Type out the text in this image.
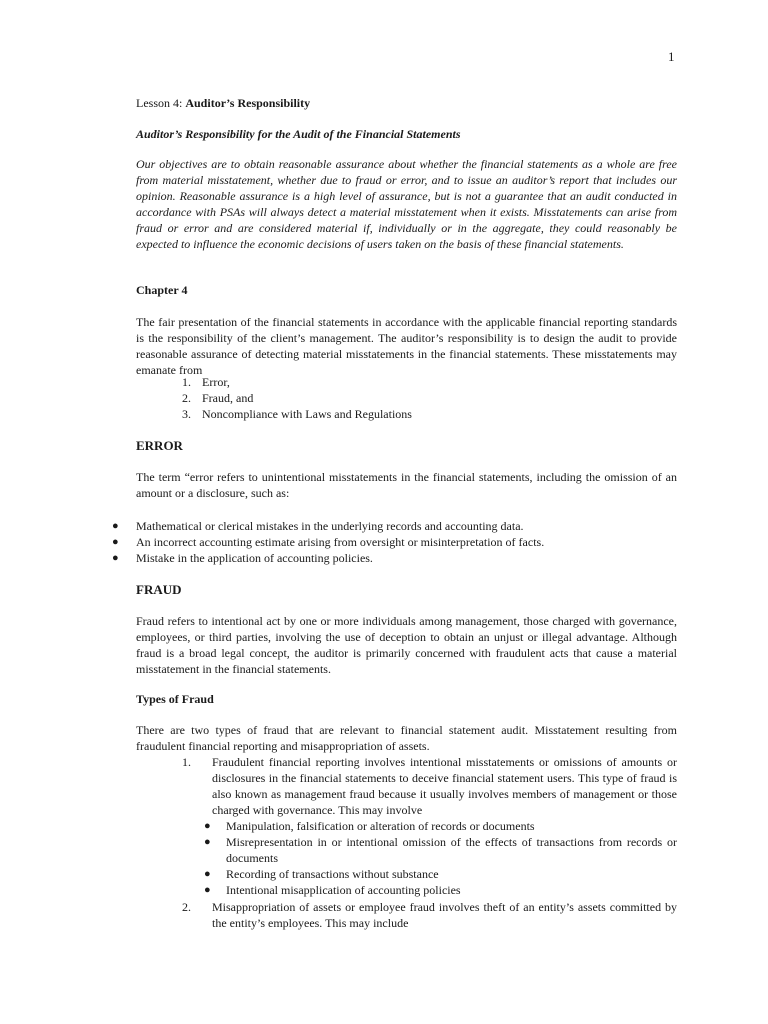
1
Lesson 4: Auditor’s Responsibility
Auditor’s Responsibility for the Audit of the Financial Statements
Our objectives are to obtain reasonable assurance about whether the financial statements as a whole are free from material misstatement, whether due to fraud or error, and to issue an auditor’s report that includes our opinion. Reasonable assurance is a high level of assurance, but is not a guarantee that an audit conducted in accordance with PSAs will always detect a material misstatement when it exists. Misstatements can arise from fraud or error and are considered material if, individually or in the aggregate, they could reasonably be expected to influence the economic decisions of users taken on the basis of these financial statements.
Chapter 4
The fair presentation of the financial statements in accordance with the applicable financial reporting standards is the responsibility of the client’s management. The auditor’s responsibility is to design the audit to provide reasonable assurance of detecting material misstatements in the financial statements. These misstatements may emanate from
1. Error,
2. Fraud, and
3. Noncompliance with Laws and Regulations
ERROR
The term “error refers to unintentional misstatements in the financial statements, including the omission of an amount or a disclosure, such as:
● Mathematical or clerical mistakes in the underlying records and accounting data.
● An incorrect accounting estimate arising from oversight or misinterpretation of facts.
● Mistake in the application of accounting policies.
FRAUD
Fraud refers to intentional act by one or more individuals among management, those charged with governance, employees, or third parties, involving the use of deception to obtain an unjust or illegal advantage. Although fraud is a broad legal concept, the auditor is primarily concerned with fraudulent acts that cause a material misstatement in the financial statements.
Types of Fraud
There are two types of fraud that are relevant to financial statement audit. Misstatement resulting from fraudulent financial reporting and misappropriation of assets.
1. Fraudulent financial reporting involves intentional misstatements or omissions of amounts or disclosures in the financial statements to deceive financial statement users. This type of fraud is also known as management fraud because it usually involves members of management or those charged with governance. This may involve
● Manipulation, falsification or alteration of records or documents
● Misrepresentation in or intentional omission of the effects of transactions from records or documents
● Recording of transactions without substance
● Intentional misapplication of accounting policies
2. Misappropriation of assets or employee fraud involves theft of an entity’s assets committed by the entity’s employees. This may include
